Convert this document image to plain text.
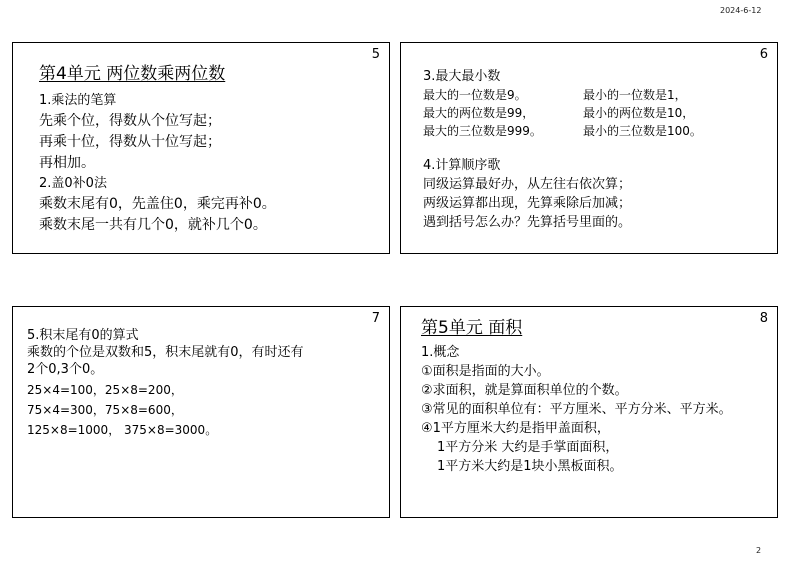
2024-6-12
5
第4单元 两位数乘两位数
1.乘法的笔算
先乘个位，得数从个位写起；
再乘十位，得数从十位写起；
再相加。
2.盖0补0法
乘数末尾有0，先盖住0，乘完再补0。
乘数末尾一共有几个0，就补几个0。
6
3.最大最小数
最大的一位数是9。	最小的一位数是1，
最大的两位数是99，	最小的两位数是10，
最大的三位数是999。	最小的三位数是100。
4.计算顺序歌
同级运算最好办，从左往右依次算；
两级运算都出现，先算乘除后加减；
遇到括号怎么办？先算括号里面的。
7
5.积末尾有0的算式
乘数的个位是双数和5，积末尾就有0，有时还有
2个0,3个0。
25×4=100，25×8=200，
75×4=300，75×8=600，
125×8=1000， 375×8=3000。
8
第5单元 面积
1.概念
①面积是指面的大小。
②求面积，就是算面积单位的个数。
③常见的面积单位有：平方厘米、平方分米、平方米。
④1平方厘米大约是指甲盖面积，
1平方分米 大约是手掌面面积，
1平方米大约是1块小黑板面积。
2
